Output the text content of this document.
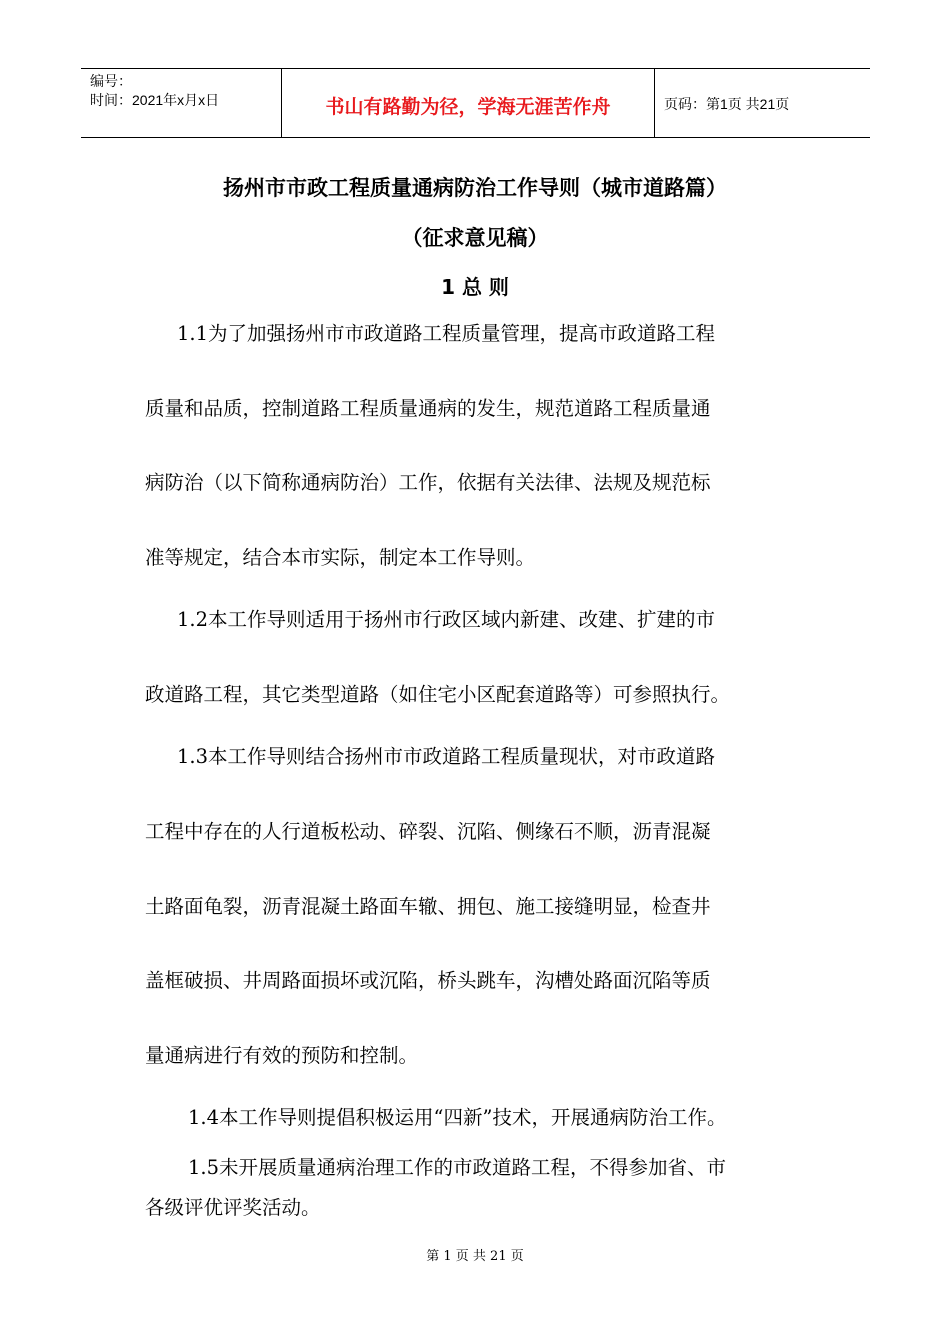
编号：
时间：2021年x月x日	书山有路勤为径，学海无涯苦作舟	页码：第1页 共21页
扬州市市政工程质量通病防治工作导则（城市道路篇）
（征求意见稿）
1 总 则
1.1为了加强扬州市市政道路工程质量管理，提高市政道路工程
质量和品质，控制道路工程质量通病的发生，规范道路工程质量通
病防治（以下简称通病防治）工作，依据有关法律、法规及规范标
准等规定，结合本市实际，制定本工作导则。
1.2本工作导则适用于扬州市行政区域内新建、改建、扩建的市
政道路工程，其它类型道路（如住宅小区配套道路等）可参照执行。
1.3本工作导则结合扬州市市政道路工程质量现状，对市政道路
工程中存在的人行道板松动、碎裂、沉陷、侧缘石不顺，沥青混凝
土路面龟裂，沥青混凝土路面车辙、拥包、施工接缝明显，检查井
盖框破损、井周路面损坏或沉陷，桥头跳车，沟槽处路面沉陷等质
量通病进行有效的预防和控制。
1.4本工作导则提倡积极运用“四新”技术，开展通病防治工作。
1.5未开展质量通病治理工作的市政道路工程，不得参加省、市
各级评优评奖活动。
第 1 页 共 21 页
